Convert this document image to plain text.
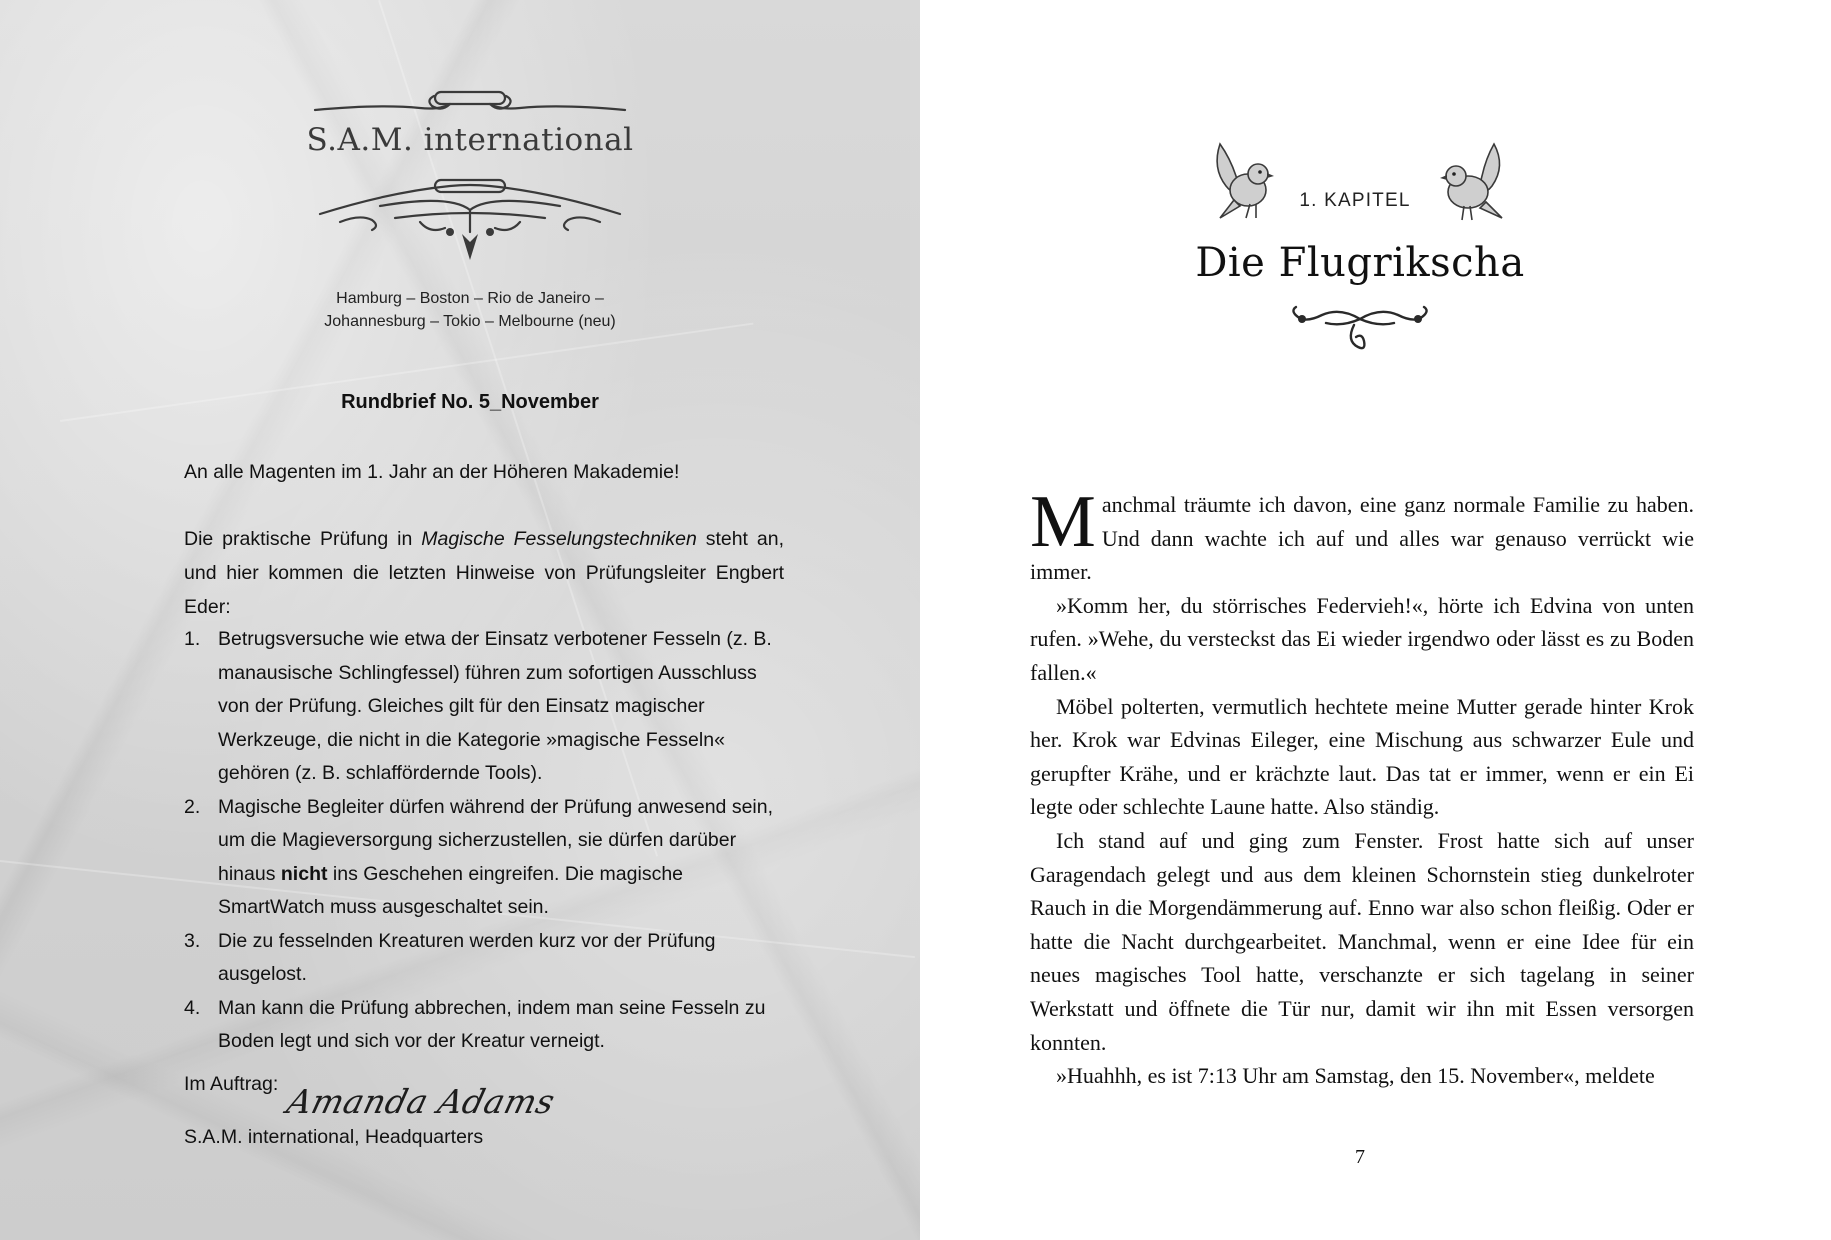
S.A.M. international
Hamburg – Boston – Rio de Janeiro –
Johannesburg – Tokio – Melbourne (neu)
Rundbrief No. 5_November
An alle Magenten im 1. Jahr an der Höheren Makademie!
Die praktische Prüfung in Magische Fesselungstechniken steht an, und hier kommen die letzten Hinweise von Prüfungsleiter Engbert Eder:
1. Betrugsversuche wie etwa der Einsatz verbotener Fesseln (z. B. manausische Schlingfessel) führen zum sofortigen Ausschluss von der Prüfung. Gleiches gilt für den Einsatz magischer Werkzeuge, die nicht in die Kategorie »magische Fesseln« gehören (z. B. schlaffördernde Tools).
2. Magische Begleiter dürfen während der Prüfung anwesend sein, um die Magieversorgung sicherzustellen, sie dürfen darüber hinaus nicht ins Geschehen eingreifen. Die magische SmartWatch muss ausgeschaltet sein.
3. Die zu fesselnden Kreaturen werden kurz vor der Prüfung ausgelost.
4. Man kann die Prüfung abbrechen, indem man seine Fesseln zu Boden legt und sich vor der Kreatur verneigt.
Im Auftrag: Amanda Adams
S.A.M. international, Headquarters
1. KAPITEL
Die Flugrikscha

Manchmal träumte ich davon, eine ganz normale Familie zu haben. Und dann wachte ich auf und alles war genauso verrückt wie immer.

»Komm her, du störrisches Federvieh!«, hörte ich Edvina von unten rufen. »Wehe, du versteckst das Ei wieder irgendwo oder lässt es zu Boden fallen.«

Möbel polterten, vermutlich hechtete meine Mutter gerade hinter Krok her. Krok war Edvinas Eileger, eine Mischung aus schwarzer Eule und gerupfter Krähe, und er krächzte laut. Das tat er immer, wenn er ein Ei legte oder schlechte Laune hatte. Also ständig.

Ich stand auf und ging zum Fenster. Frost hatte sich auf unser Garagendach gelegt und aus dem kleinen Schornstein stieg dunkelroter Rauch in die Morgendämmerung auf. Enno war also schon fleißig. Oder er hatte die Nacht durchgearbeitet. Manchmal, wenn er eine Idee für ein neues magisches Tool hatte, verschanzte er sich tagelang in seiner Werkstatt und öffnete die Tür nur, damit wir ihn mit Essen versorgen konnten.

»Huahhh, es ist 7:13 Uhr am Samstag, den 15. November«, meldete

7
